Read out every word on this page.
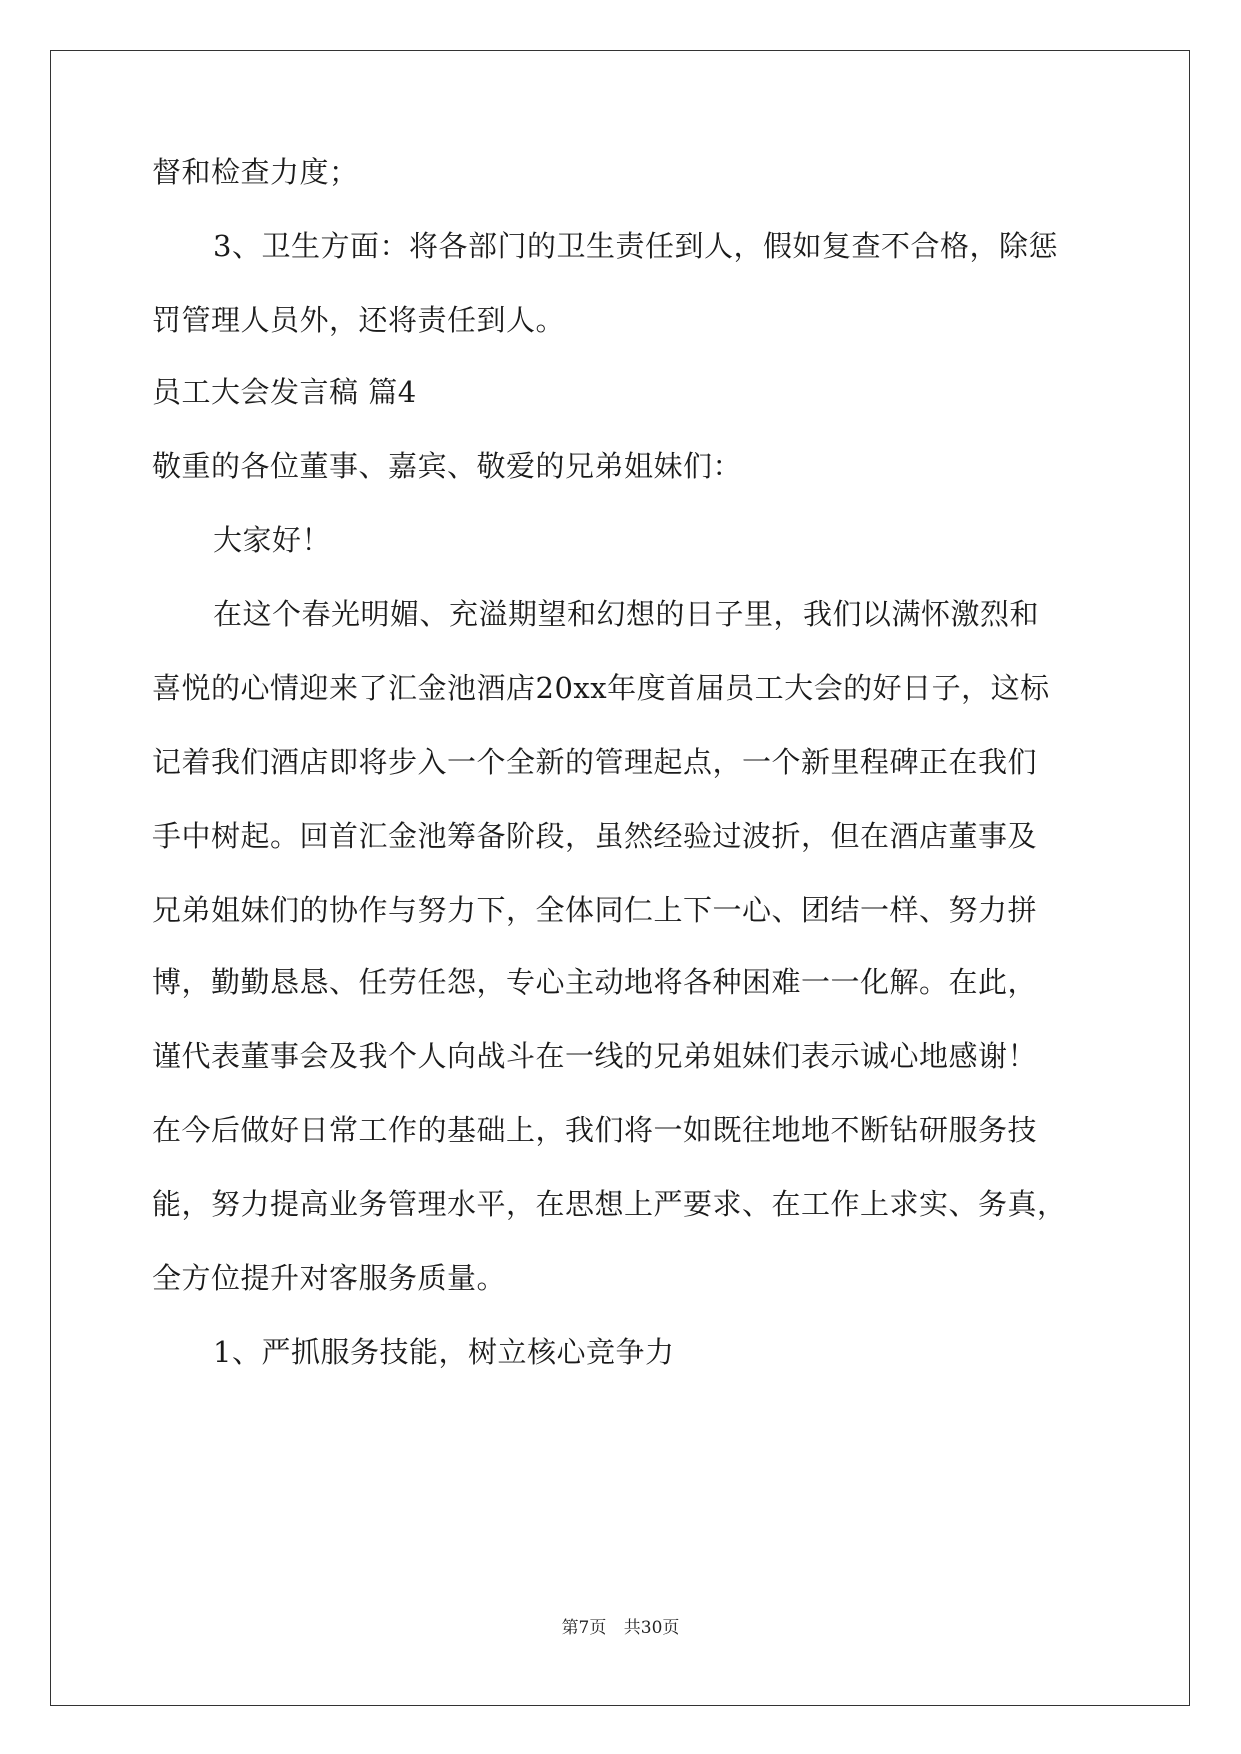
督和检查力度；
3、卫生方面：将各部门的卫生责任到人，假如复查不合格，除惩
罚管理人员外，还将责任到人。
员工大会发言稿 篇4
敬重的各位董事、嘉宾、敬爱的兄弟姐妹们：
大家好！
在这个春光明媚、充溢期望和幻想的日子里，我们以满怀激烈和
喜悦的心情迎来了汇金池酒店20xx年度首届员工大会的好日子，这标
记着我们酒店即将步入一个全新的管理起点，一个新里程碑正在我们
手中树起。回首汇金池筹备阶段，虽然经验过波折，但在酒店董事及
兄弟姐妹们的协作与努力下，全体同仁上下一心、团结一样、努力拼
博，勤勤恳恳、任劳任怨，专心主动地将各种困难一一化解。在此，
谨代表董事会及我个人向战斗在一线的兄弟姐妹们表示诚心地感谢！
在今后做好日常工作的基础上，我们将一如既往地地不断钻研服务技
能，努力提高业务管理水平，在思想上严要求、在工作上求实、务真，
全方位提升对客服务质量。
1、严抓服务技能，树立核心竞争力
第7页 共30页
